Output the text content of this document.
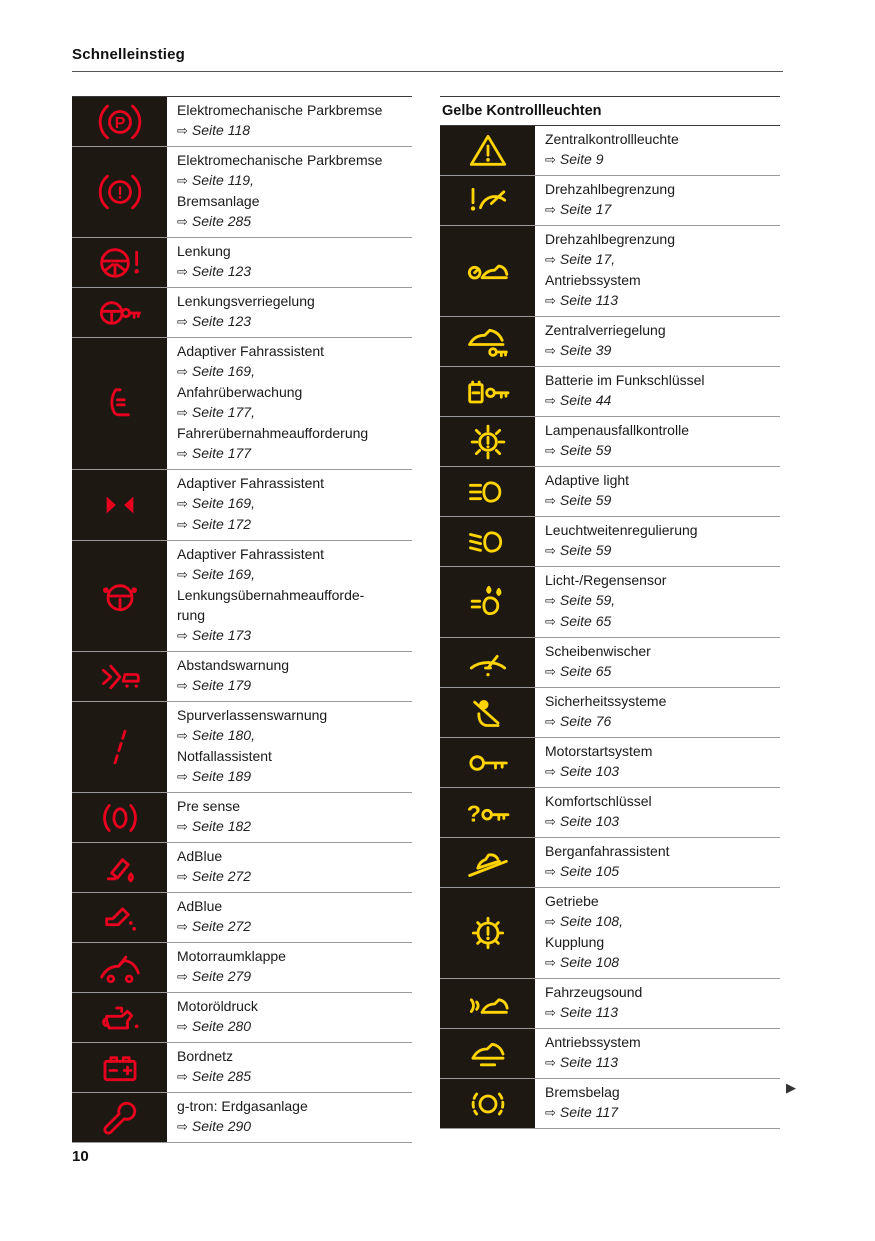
Schnelleinstieg
P
Elektromechanische Parkbremse
⇨ Seite 118
!
Elektromechanische Parkbremse
⇨ Seite 119,
Bremsanlage
⇨ Seite 285
Lenkung
⇨ Seite 123
Lenkungsverriegelung
⇨ Seite 123
Adaptiver Fahrassistent
⇨ Seite 169,
Anfahrüberwachung
⇨ Seite 177,
Fahrerübernahmeaufforderung
⇨ Seite 177
Adaptiver Fahrassistent
⇨ Seite 169,
⇨ Seite 172
Adaptiver Fahrassistent
⇨ Seite 169,
Lenkungsübernahmeaufforde-
rung
⇨ Seite 173
Abstandswarnung
⇨ Seite 179
Spurverlassenswarnung
⇨ Seite 180,
Notfallassistent
⇨ Seite 189
Pre sense
⇨ Seite 182
AdBlue
⇨ Seite 272
AdBlue
⇨ Seite 272
Motorraumklappe
⇨ Seite 279
Motoröldruck
⇨ Seite 280
Bordnetz
⇨ Seite 285
g-tron: Erdgasanlage
⇨ Seite 290
Gelbe Kontrollleuchten
Zentralkontrollleuchte
⇨ Seite 9
Drehzahlbegrenzung
⇨ Seite 17
Drehzahlbegrenzung
⇨ Seite 17,
Antriebssystem
⇨ Seite 113
Zentralverriegelung
⇨ Seite 39
Batterie im Funkschlüssel
⇨ Seite 44
Lampenausfallkontrolle
⇨ Seite 59
Adaptive light
⇨ Seite 59
Leuchtweitenregulierung
⇨ Seite 59
Licht-/Regensensor
⇨ Seite 59,
⇨ Seite 65
Scheibenwischer
⇨ Seite 65
Sicherheitssysteme
⇨ Seite 76
Motorstartsystem
⇨ Seite 103
?	Komfortschlüssel
⇨ Seite 103
Berganfahrassistent
⇨ Seite 105
Getriebe
⇨ Seite 108,
Kupplung
⇨ Seite 108
Fahrzeugsound
⇨ Seite 113
Antriebssystem
⇨ Seite 113
Bremsbelag
⇨ Seite 117
10
▶
